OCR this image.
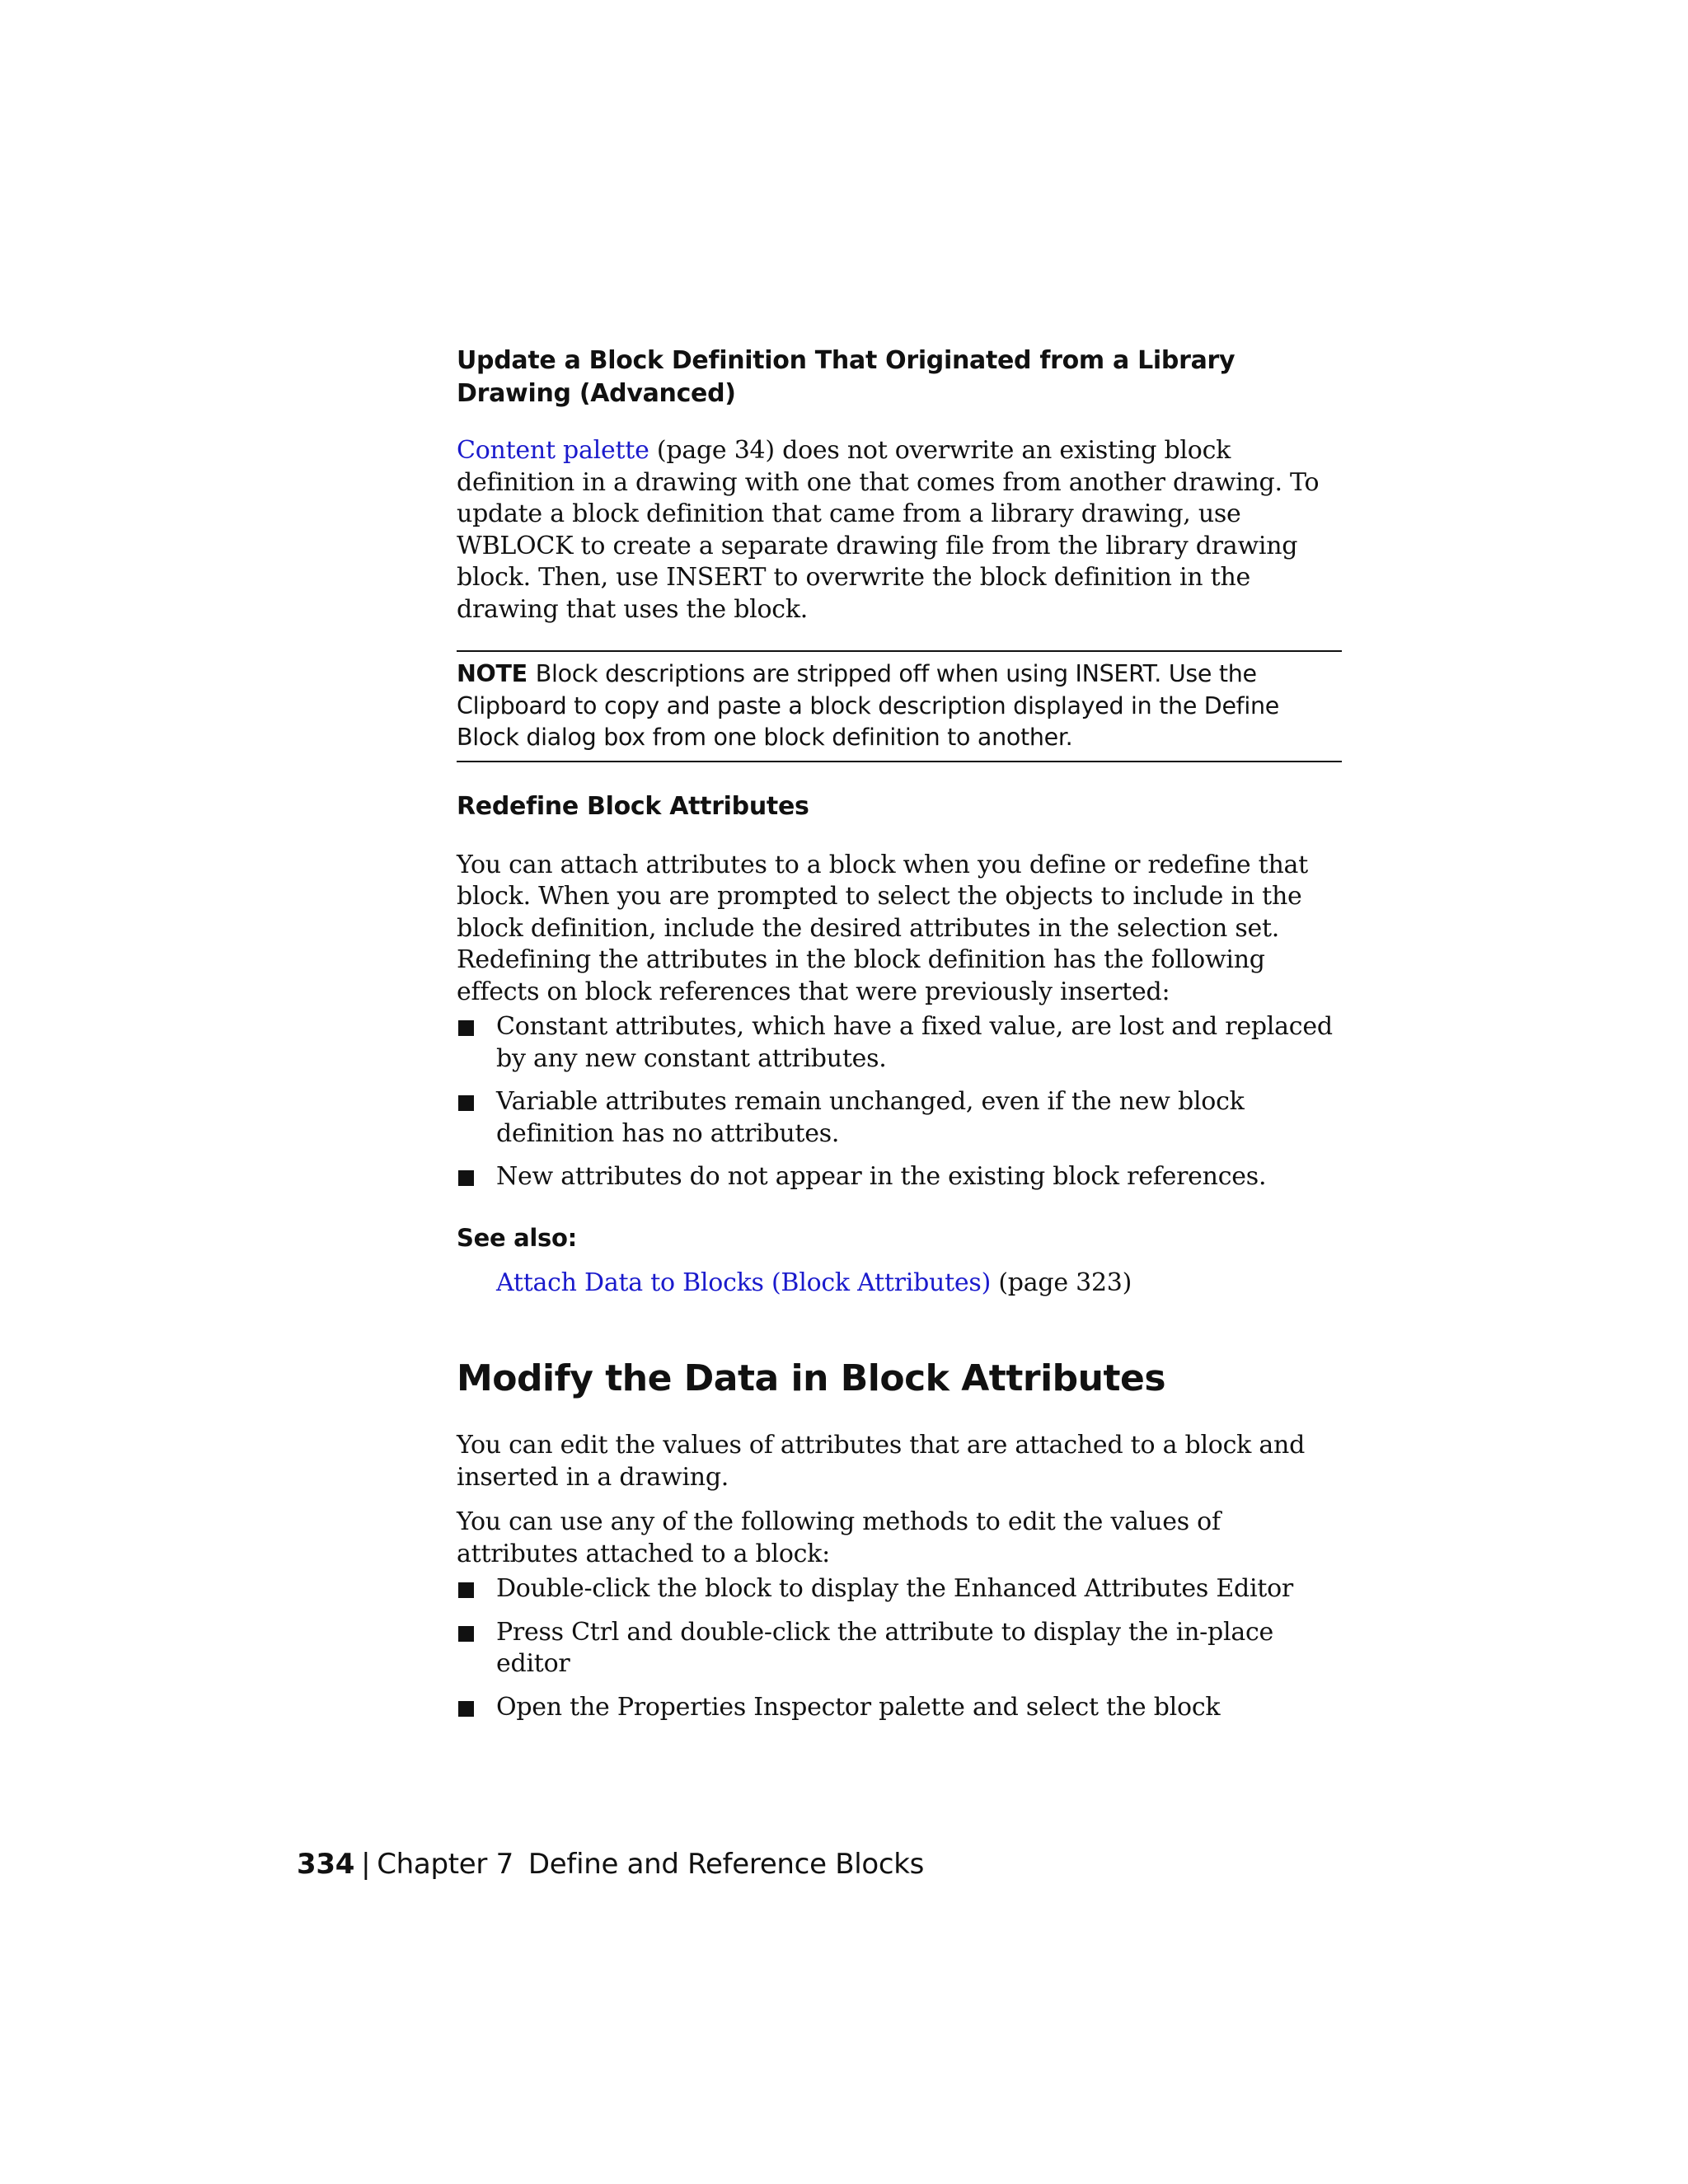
Update a Block Definition That Originated from a Library Drawing (Advanced)

Content palette (page 34) does not overwrite an existing block definition in a drawing with one that comes from another drawing. To update a block definition that came from a library drawing, use WBLOCK to create a separate drawing file from the library drawing block. Then, use INSERT to overwrite the block definition in the drawing that uses the block.

NOTE Block descriptions are stripped off when using INSERT. Use the Clipboard to copy and paste a block description displayed in the Define Block dialog box from one block definition to another.
Redefine Block Attributes

You can attach attributes to a block when you define or redefine that block. When you are prompted to select the objects to include in the block definition, include the desired attributes in the selection set. Redefining the attributes in the block definition has the following effects on block references that were previously inserted:

Constant attributes, which have a fixed value, are lost and replaced by any new constant attributes.
Variable attributes remain unchanged, even if the new block definition has no attributes.
New attributes do not appear in the existing block references.
See also:

Attach Data to Blocks (Block Attributes) (page 323)

Modify the Data in Block Attributes

You can edit the values of attributes that are attached to a block and inserted in a drawing.

You can use any of the following methods to edit the values of attributes attached to a block:

Double-click the block to display the Enhanced Attributes Editor
Press Ctrl and double-click the attribute to display the in-place editor
Open the Properties Inspector palette and select the block
334 | Chapter 7 Define and Reference Blocks
